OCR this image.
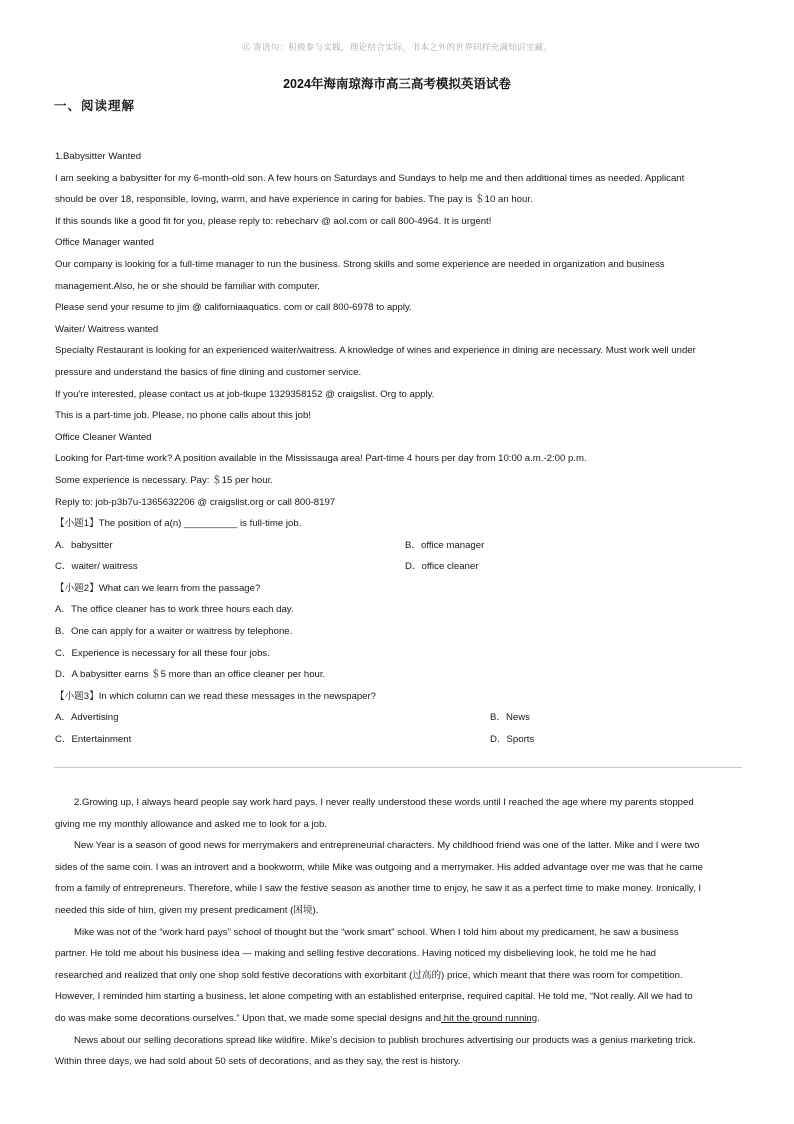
㊣ 寄语句：积极参与实践，理论结合实际，书本之外的世界同样充满知识宝藏。
2024年海南琼海市高三高考模拟英语试卷
一、阅读理解
1.Babysitter Wanted
I am seeking a babysitter for my 6-month-old son. A few hours on Saturdays and Sundays to help me and then additional times as needed. Applicant
should be over 18, responsible, loving, warm, and have experience in caring for babies. The pay is ＄10 an hour.
If this sounds like a good fit for you, please reply to: rebecharv @ aol.com or call 800-4964. It is urgent!
Office Manager wanted
Our company is looking for a full-time manager to run the business. Strong skills and some experience are needed in organization and business
management.Also, he or she should be familiar with computer.
Please send your resume to jim @ californiaaquatics. com or call 800-6978 to apply.
Waiter/ Waitress wanted
Specialty Restaurant is looking for an experienced waiter/waitress. A knowledge of wines and experience in dining are necessary. Must work well under
pressure and understand the basics of fine dining and customer service.
If you're interested, please contact us at job-tkupe 1329358152 @ craigslist. Org to apply.
This is a part-time job. Please, no phone calls about this job!
Office Cleaner Wanted
Looking for Part-time work? A position available in the Mississauga area! Part-time 4 hours per day from 10:00 a.m.-2:00 p.m.
Some experience is necessary. Pay: ＄15 per hour.
Reply to: job-p3b7u-1365632206 @ craigslist.org or call 800-8197
【小题1】The position of a(n) __________ is full-time job.
A．babysitter	B．office manager
C．waiter/ waitress	D．office cleaner
【小题2】What can we learn from the passage?
A．The office cleaner has to work three hours each day.
B．One can apply for a waiter or waitress by telephone.
C．Experience is necessary for all these four jobs.
D．A babysitter earns ＄5 more than an office cleaner per hour.
【小题3】In which column can we read these messages in the newspaper?
A．Advertising	B．News
C．Entertainment	D．Sports
2.Growing up, I always heard people say work hard pays. I never really understood these words until I reached the age where my parents stopped
giving me my monthly allowance and asked me to look for a job.
New Year is a season of good news for merrymakers and entrepreneurial characters. My childhood friend was one of the latter. Mike and I were two
sides of the same coin. I was an introvert and a bookworm, while Mike was outgoing and a merrymaker. His added advantage over me was that he came
from a family of entrepreneurs. Therefore, while I saw the festive season as another time to enjoy, he saw it as a perfect time to make money. Ironically, I
needed this side of him, given my present predicament (困境).
Mike was not of the “work hard pays” school of thought but the “work smart” school. When I told him about my predicament, he saw a business
partner. He told me about his business idea — making and selling festive decorations. Having noticed my disbelieving look, he told me he had
researched and realized that only one shop sold festive decorations with exorbitant (过高的) price, which meant that there was room for competition.
However, I reminded him starting a business, let alone competing with an established enterprise, required capital. He told me, “Not really. All we had to
do was make some decorations ourselves.” Upon that, we made some special designs and hit the ground running.
News about our selling decorations spread like wildfire. Mike’s decision to publish brochures advertising our products was a genius marketing trick.
Within three days, we had sold about 50 sets of decorations, and as they say, the rest is history.
